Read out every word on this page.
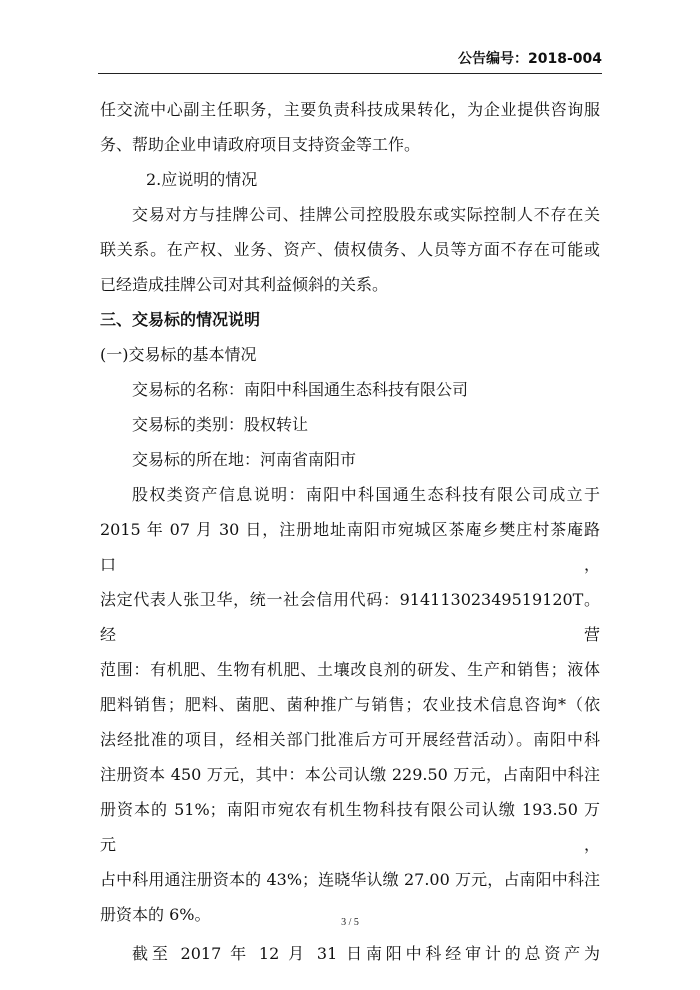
公告编号：2018-004

任交流中心副主任职务，主要负责科技成果转化，为企业提供咨询服

务、帮助企业申请政府项目支持资金等工作。

2.应说明的情况

交易对方与挂牌公司、挂牌公司控股股东或实际控制人不存在关

联关系。在产权、业务、资产、债权债务、人员等方面不存在可能或

已经造成挂牌公司对其利益倾斜的关系。

三、交易标的情况说明

(一)交易标的基本情况

交易标的名称：南阳中科国通生态科技有限公司

交易标的类别：股权转让

交易标的所在地：河南省南阳市

股权类资产信息说明：南阳中科国通生态科技有限公司成立于

2015 年 07 月 30 日，注册地址南阳市宛城区茶庵乡樊庄村茶庵路口，

法定代表人张卫华，统一社会信用代码：91411302349519120T。经营

范围：有机肥、生物有机肥、土壤改良剂的研发、生产和销售；液体

肥料销售；肥料、菌肥、菌种推广与销售；农业技术信息咨询*（依

法经批准的项目，经相关部门批准后方可开展经营活动）。南阳中科

注册资本 450 万元，其中：本公司认缴 229.50 万元，占南阳中科注

册资本的 51%；南阳市宛农有机生物科技有限公司认缴 193.50 万元，

占中科用通注册资本的 43%；连晓华认缴 27.00 万元，占南阳中科注

册资本的 6%。

截至 2017 年 12 月 31 日南阳中科经审计的总资产为

3 / 5
